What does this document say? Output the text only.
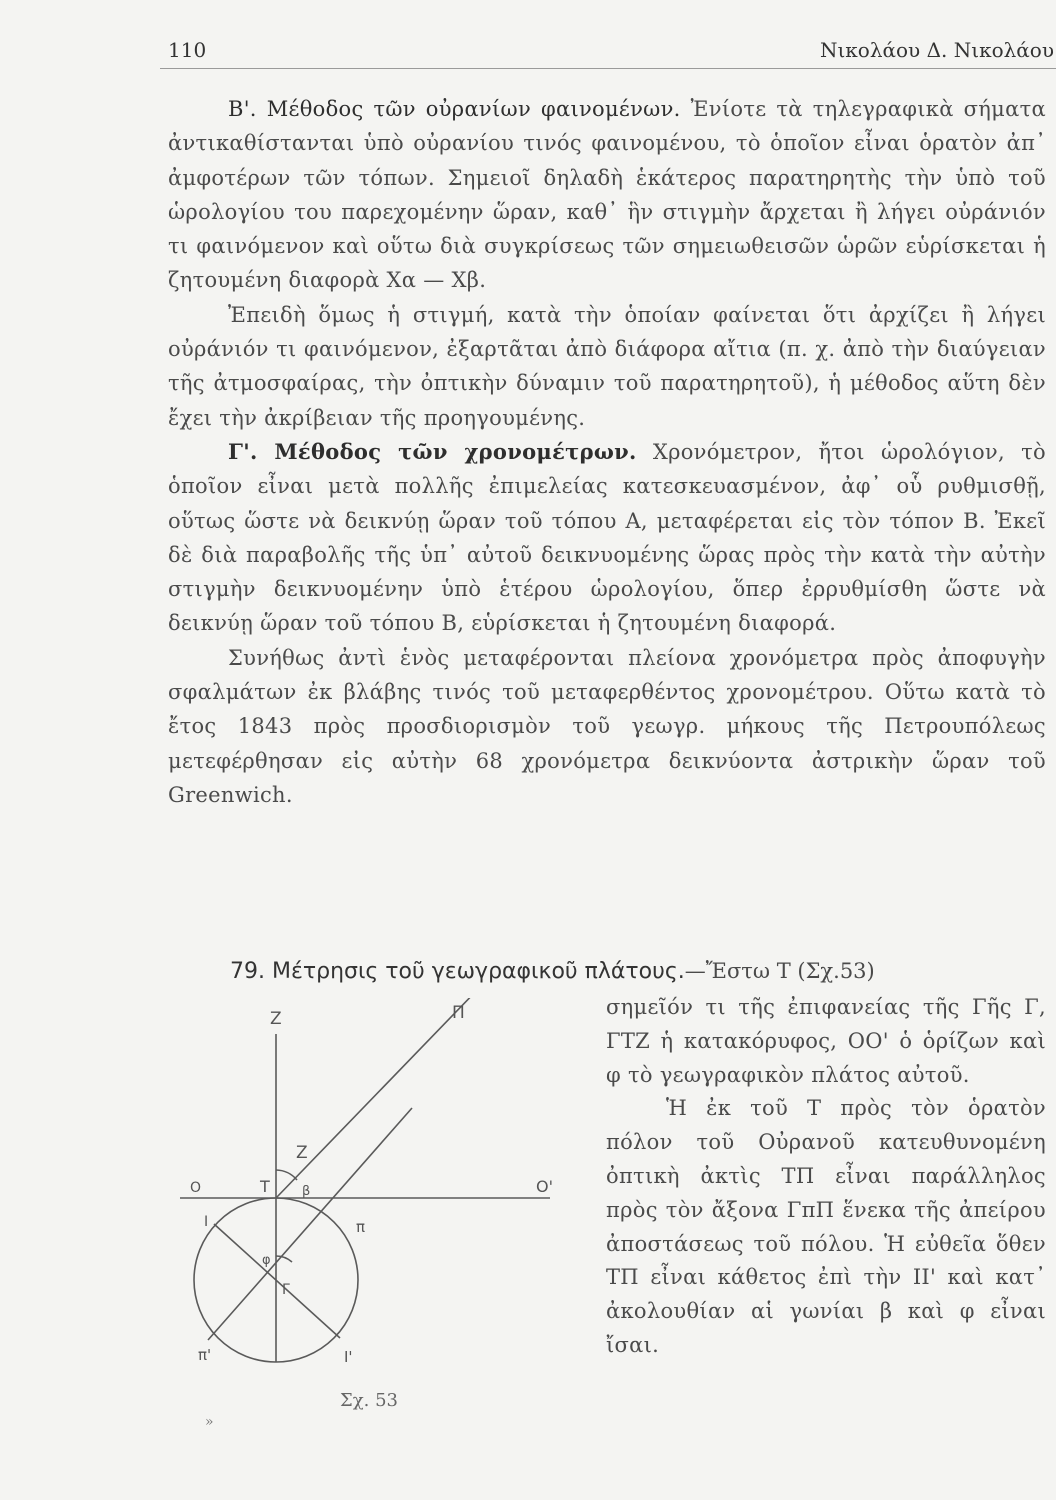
110	Νικολάου Δ. Νικολάου

Β'. Μέθοδος τῶν οὐρανίων φαινομένων. Ἐνίοτε τὰ τηλεγραφικὰ σήματα ἀντικαθίστανται ὑπὸ οὐρανίου τινός φαινομένου, τὸ ὁποῖον εἶναι ὁρατὸν ἀπ᾿ ἀμφοτέρων τῶν τόπων. Σημειοῖ δηλαδὴ ἑκάτερος παρατηρητὴς τὴν ὑπὸ τοῦ ὡρολογίου του παρεχομένην ὥραν, καθ᾿ ἣν στιγμὴν ἄρχεται ἢ λήγει οὐράνιόν τι φαινόμενον καὶ οὕτω διὰ συγκρίσεως τῶν σημειωθεισῶν ὡρῶν εὑρίσκεται ἡ ζητουμένη διαφορὰ Χα — Χβ.

Ἐπειδὴ ὅμως ἡ στιγμή, κατὰ τὴν ὁποίαν φαίνεται ὅτι ἀρχίζει ἢ λήγει οὐράνιόν τι φαινόμενον, ἐξαρτᾶται ἀπὸ διάφορα αἴτια (π. χ. ἀπὸ τὴν διαύγειαν τῆς ἀτμοσφαίρας, τὴν ὀπτικὴν δύναμιν τοῦ παρατηρητοῦ), ἡ μέθοδος αὕτη δὲν ἔχει τὴν ἀκρίβειαν τῆς προηγουμένης.

Γ'. Μέθοδος τῶν χρονομέτρων. Χρονόμετρον, ἤτοι ὡρολόγιον, τὸ ὁποῖον εἶναι μετὰ πολλῆς ἐπιμελείας κατεσκευασμένον, ἀφ᾿ οὗ ρυθμισθῇ, οὕτως ὥστε νὰ δεικνύῃ ὥραν τοῦ τόπου Α, μεταφέρεται εἰς τὸν τόπον Β. Ἐκεῖ δὲ διὰ παραβολῆς τῆς ὑπ᾿ αὐτοῦ δεικνυομένης ὥρας πρὸς τὴν κατὰ τὴν αὐτὴν στιγμὴν δεικνυομένην ὑπὸ ἑτέρου ὡρολογίου, ὅπερ ἐρρυθμίσθη ὥστε νὰ δεικνύῃ ὥραν τοῦ τόπου Β, εὑρίσκεται ἡ ζητουμένη διαφορά.

Συνήθως ἀντὶ ἑνὸς μεταφέρονται πλείονα χρονόμετρα πρὸς ἀποφυγὴν σφαλμάτων ἐκ βλάβης τινός τοῦ μεταφερθέντος χρονομέτρου. Οὕτω κατὰ τὸ ἔτος 1843 πρὸς προσδιορισμὸν τοῦ γεωγρ. μήκους τῆς Πετρουπόλεως μετεφέρθησαν εἰς αὐτὴν 68 χρονόμετρα δεικνύοντα ἀστρικὴν ὥραν τοῦ Greenwich.

79. Μέτρησις τοῦ γεωγραφικοῦ πλάτους.—Ἔστω Τ (Σχ.53)

σημεῖόν τι τῆς ἐπιφανείας τῆς Γῆς Γ, ΓΤΖ ἡ κατακόρυφος, ΟΟ' ὁ ὁρίζων καὶ φ τὸ γεωγραφικὸν πλάτος αὐτοῦ.

Ἡ ἐκ τοῦ Τ πρὸς τὸν ὁρατὸν πόλον τοῦ Οὐρανοῦ κατευθυνομένη ὀπτικὴ ἀκτὶς ΤΠ εἶναι παράλληλος πρὸς τὸν ἄξονα ΓπΠ ἕνεκα τῆς ἀπείρου ἀποστάσεως τοῦ πόλου. Ἡ εὐθεῖα ὅθεν ΤΠ εἶναι κάθετος ἐπὶ τὴν ΙΙ' καὶ κατ᾿ ἀκολουθίαν αἱ γωνίαι β καὶ φ εἶναι ἴσαι.

Z	Π
Z
O	T β	O'
I	π
φ
Γ
π'	I'
Σχ. 53
»
